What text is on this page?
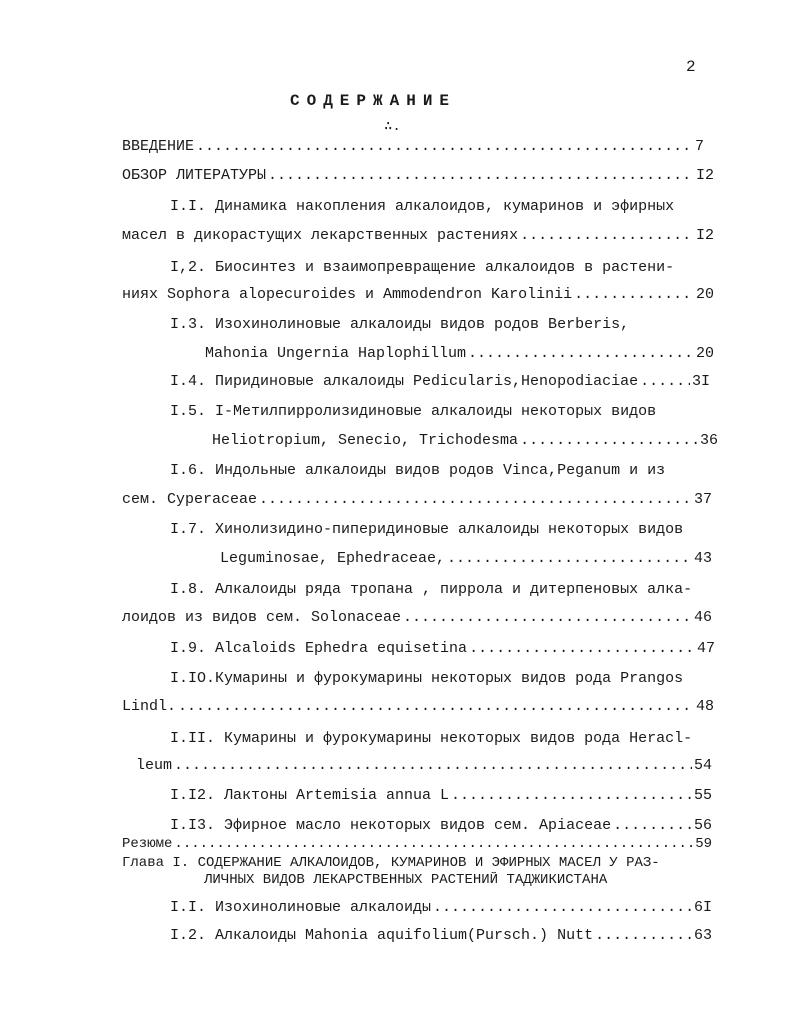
2
СОДЕРЖАНИЕ
∴.
ВВЕДЕНИЕ .....	7
ОБЗОР ЛИТЕРАТУРЫ .....	I2
I.I. Динамика накопления алкалоидов, кумаринов и эфирных
масел в дикорастущих лекарственных растениях .....	I2
I,2. Биосинтез и взаимопревращение алкалоидов в растени-
ниях Sophora alopecuroides и Ammodendron Karolinii .....	20
I.3. Изохинолиновые алкалоиды видов родов Berberis,
Mahonia Ungernia Haplophillum .....	20
I.4. Пиридиновые алкалоиды Pedicularis,Henopodiaciae .....	3I
I.5. I-Метилпирролизидиновые алкалоиды некоторых видов
Heliotropium, Senecio, Trichodesma .....	36
I.6. Индольные алкалоиды видов родов Vinca,Peganum и из
сем. Cyperaceae .....	37
I.7. Хинолизидино-пиперидиновые алкалоиды некоторых видов
Leguminosae, Ephedraceae, .....	43
I.8. Алкалоиды ряда тропана , пиррола и дитерпеновых алка-
лоидов из видов сем. Solonaceae .....	46
I.9. Alcaloids Ephedra equisetina .....	47
I.IO.Кумарины и фурокумарины некоторых видов рода Prangos
Lindl. .....	48
I.II. Кумарины и фурокумарины некоторых видов рода Heracl-
leum .....	54
I.I2. Лактоны Artemisia annua L .....	55
I.I3. Эфирное масло некоторых видов сем. Apiaceae .....	56
Резюме .....	59
Глава I. СОДЕРЖАНИЕ АЛКАЛОИДОВ, КУМАРИНОВ И ЭФИРНЫХ МАСЕЛ У РАЗ-
ЛИЧНЫХ ВИДОВ ЛЕКАРСТВЕННЫХ РАСТЕНИЙ ТАДЖИКИСТАНА
I.I. Изохинолиновые алкалоиды .....	6I
I.2. Алкалоиды Mahonia aquifolium(Pursch.) Nutt .....	63
